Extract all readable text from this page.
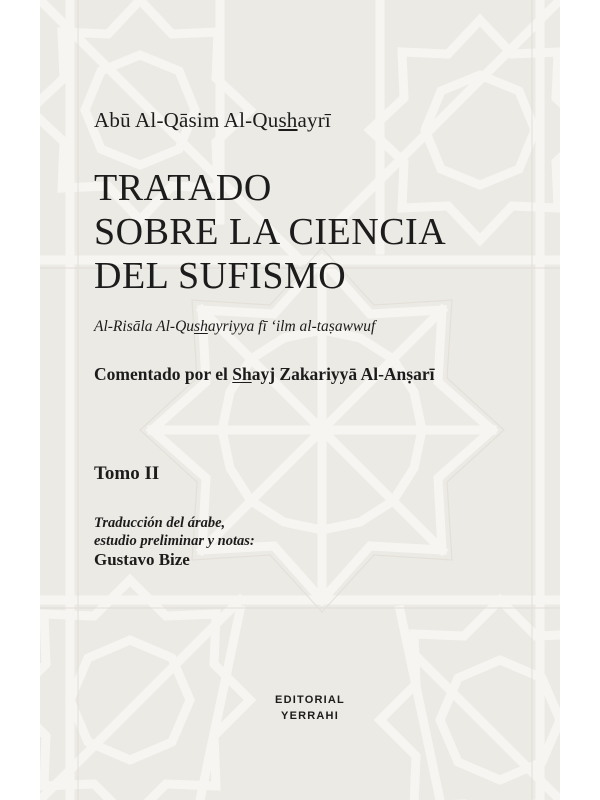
Abū Al-Qāsim Al-Qushayrī
TRATADO
SOBRE LA CIENCIA
DEL SUFISMO
Al-Risāla Al-Qushayriyya fī ‘ilm al-taṣawwuf
Comentado por el Shayj Zakariyyā Al-Anṣarī
Tomo II
Traducción del árabe,
estudio preliminar y notas:
Gustavo Bize
EDITORIAL
YERRAHI
